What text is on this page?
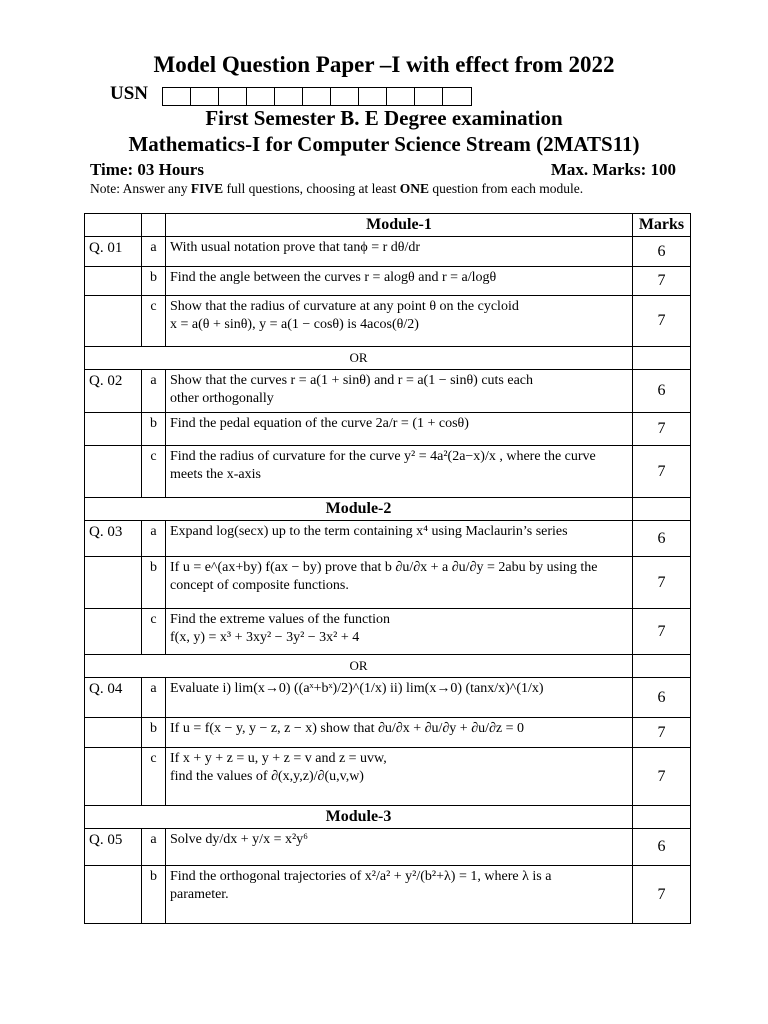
Model Question Paper –I with effect from 2022
USN
First Semester B. E Degree examination
Mathematics-I for Computer Science Stream (2MATS11)
Time: 03 Hours	Max. Marks: 100
Note: Answer any FIVE full questions, choosing at least ONE question from each module.
		Module-1	Marks
Q. 01	a	With usual notation prove that tanϕ = r dθ/dr	6
	b	Find the angle between the curves r = alogθ and r = a/logθ	7
	c	Show that the radius of curvature at any point θ on the cycloid
x = a(θ + sinθ), y = a(1 − cosθ) is 4acos(θ/2)	7
OR			
Q. 02	a	Show that the curves r = a(1 + sinθ) and r = a(1 − sinθ) cuts each
other orthogonally	6
	b	Find the pedal equation of the curve 2a/r = (1 + cosθ)	7
	c	Find the radius of curvature for the curve y² = 4a²(2a−x)/x , where the curve
meets the x-axis	7
Module-2			
Q. 03	a	Expand log(secx) up to the term containing x⁴ using Maclaurin’s series	6
	b	If u = e^(ax+by) f(ax − by) prove that b ∂u/∂x + a ∂u/∂y = 2abu by using the
concept of composite functions.	7
	c	Find the extreme values of the function
f(x, y) = x³ + 3xy² − 3y² − 3x² + 4	7
OR			
Q. 04	a	Evaluate i) lim(x→0) ((aˣ+bˣ)/2)^(1/x) ii) lim(x→0) (tanx/x)^(1/x)	6
	b	If u = f(x − y, y − z, z − x) show that ∂u/∂x + ∂u/∂y + ∂u/∂z = 0	7
	c	If x + y + z = u, y + z = v and z = uvw,
find the values of ∂(x,y,z)/∂(u,v,w)	7
Module-3			
Q. 05	a	Solve dy/dx + y/x = x²y⁶	6
	b	Find the orthogonal trajectories of x²/a² + y²/(b²+λ) = 1, where λ is a
parameter.	7
